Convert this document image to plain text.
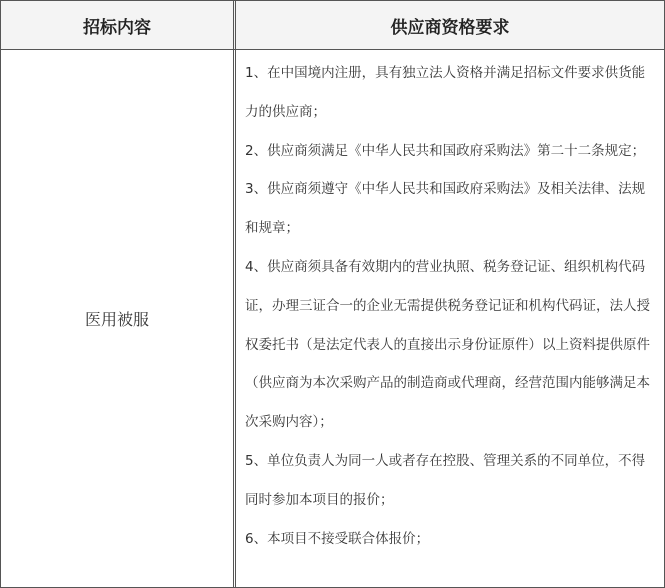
招标内容	供应商资格要求
医用被服

1、在中国境内注册，具有独立法人资格并满足招标文件要求供货能力的供应商；

2、供应商须满足《中华人民共和国政府采购法》第二十二条规定；

3、供应商须遵守《中华人民共和国政府采购法》及相关法律、法规和规章；

4、供应商须具备有效期内的营业执照、税务登记证、组织机构代码证，办理三证合一的企业无需提供税务登记证和机构代码证，法人授权委托书（是法定代表人的直接出示身份证原件）以上资料提供原件（供应商为本次采购产品的制造商或代理商，经营范围内能够满足本次采购内容）；

5、单位负责人为同一人或者存在控股、管理关系的不同单位，不得同时参加本项目的报价；

6、本项目不接受联合体报价；
